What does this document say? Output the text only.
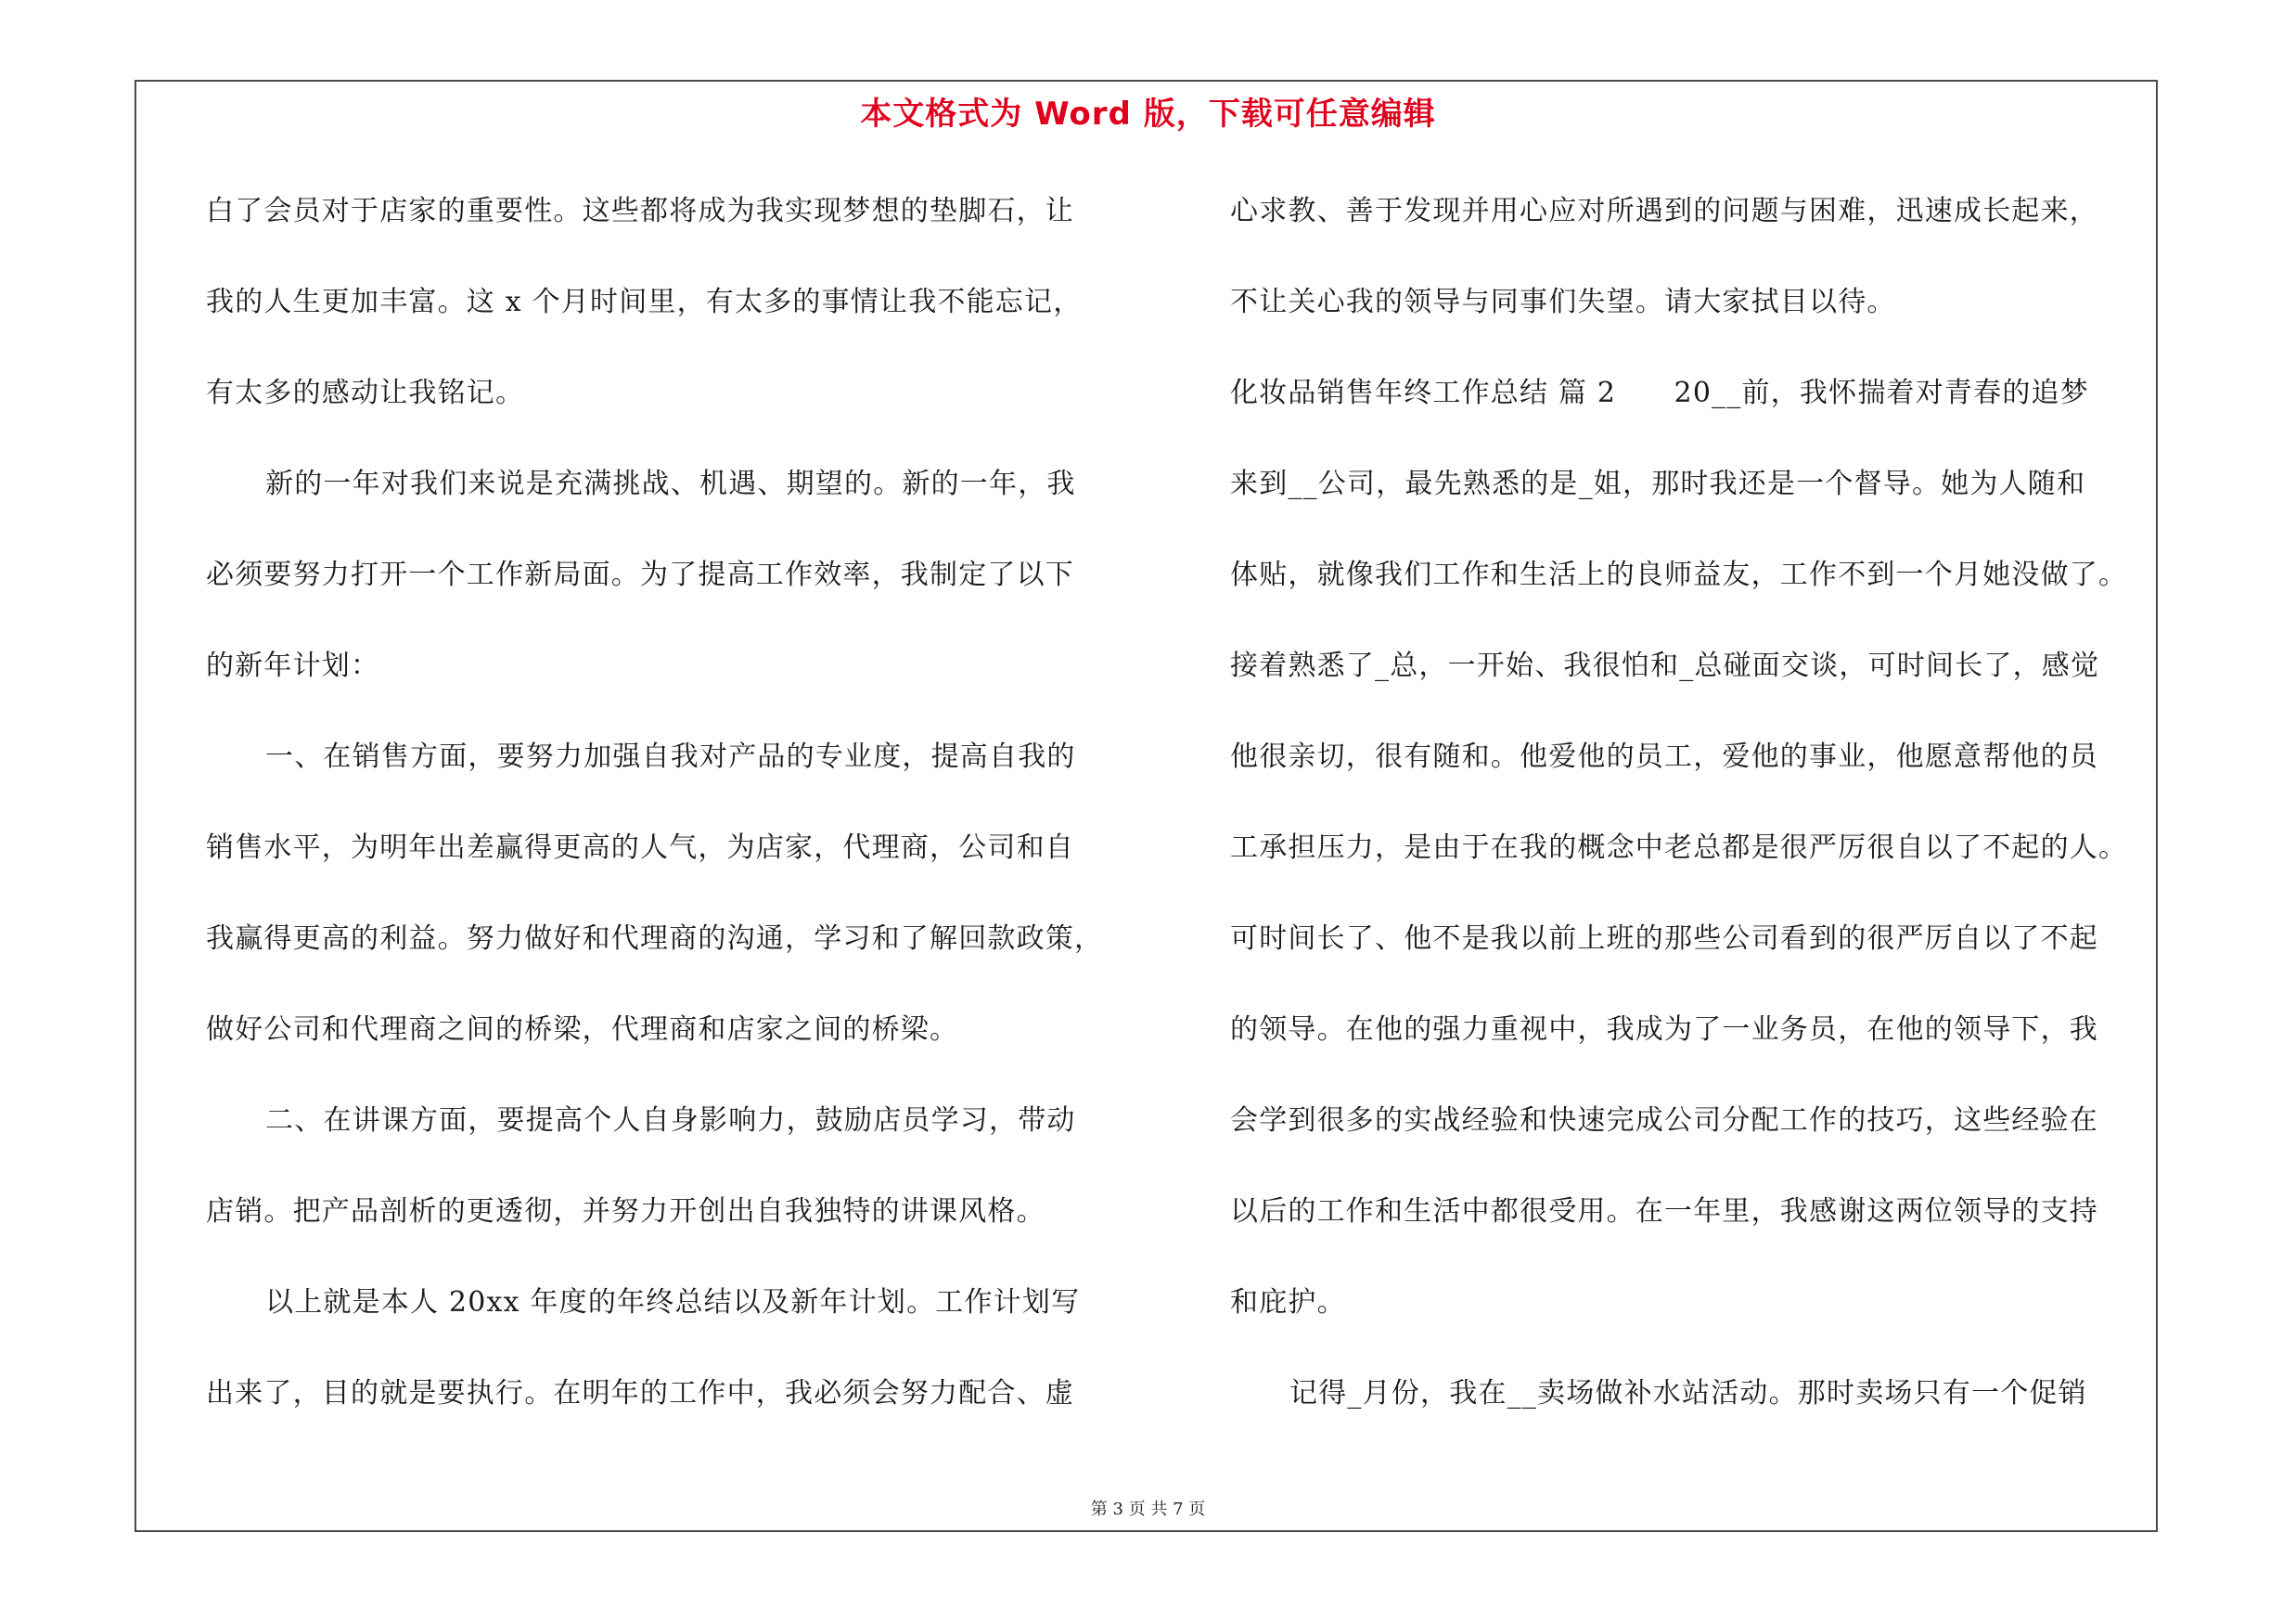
本文格式为 Word 版，下载可任意编辑
白了会员对于店家的重要性。这些都将成为我实现梦想的垫脚石，让
我的人生更加丰富。这 x 个月时间里，有太多的事情让我不能忘记，
有太多的感动让我铭记。
新的一年对我们来说是充满挑战、机遇、期望的。新的一年，我
必须要努力打开一个工作新局面。为了提高工作效率，我制定了以下
的新年计划：
一、在销售方面，要努力加强自我对产品的专业度，提高自我的
销售水平，为明年出差赢得更高的人气，为店家，代理商，公司和自
我赢得更高的利益。努力做好和代理商的沟通，学习和了解回款政策，
做好公司和代理商之间的桥梁，代理商和店家之间的桥梁。
二、在讲课方面，要提高个人自身影响力，鼓励店员学习，带动
店销。把产品剖析的更透彻，并努力开创出自我独特的讲课风格。
以上就是本人 20xx 年度的年终总结以及新年计划。工作计划写
出来了，目的就是要执行。在明年的工作中，我必须会努力配合、虚
心求教、善于发现并用心应对所遇到的问题与困难，迅速成长起来，
不让关心我的领导与同事们失望。请大家拭目以待。
化妆品销售年终工作总结 篇 2　　20__前，我怀揣着对青春的追梦
来到__公司，最先熟悉的是_姐，那时我还是一个督导。她为人随和
体贴，就像我们工作和生活上的良师益友，工作不到一个月她没做了。
接着熟悉了_总，一开始、我很怕和_总碰面交谈，可时间长了，感觉
他很亲切，很有随和。他爱他的员工，爱他的事业，他愿意帮他的员
工承担压力，是由于在我的概念中老总都是很严厉很自以了不起的人。
可时间长了、他不是我以前上班的那些公司看到的很严厉自以了不起
的领导。在他的强力重视中，我成为了一业务员，在他的领导下，我
会学到很多的实战经验和快速完成公司分配工作的技巧，这些经验在
以后的工作和生活中都很受用。在一年里，我感谢这两位领导的支持
和庇护。
记得_月份，我在__卖场做补水站活动。那时卖场只有一个促销
第 3 页 共 7 页
